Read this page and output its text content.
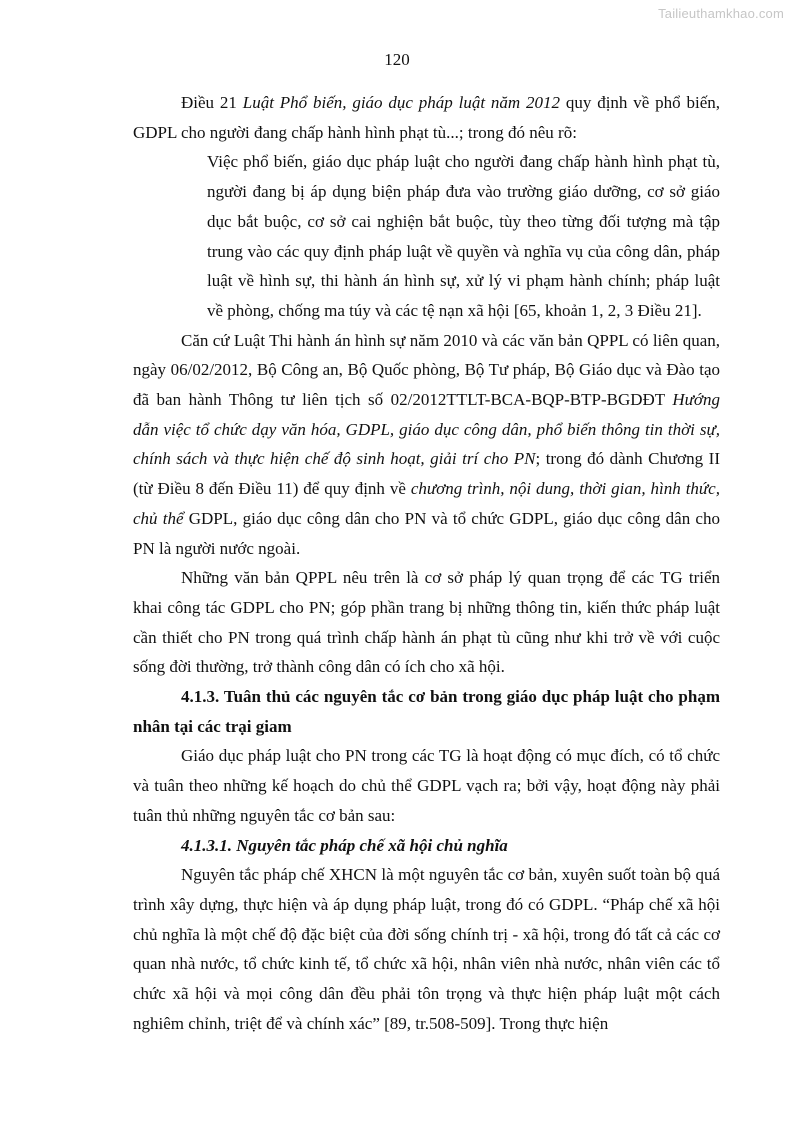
Tailieuthamkhao.com
120

Điều 21 Luật Phổ biến, giáo dục pháp luật năm 2012 quy định về phổ biến, GDPL cho người đang chấp hành hình phạt tù...; trong đó nêu rõ:

Việc phổ biến, giáo dục pháp luật cho người đang chấp hành hình phạt tù, người đang bị áp dụng biện pháp đưa vào trường giáo dưỡng, cơ sở giáo dục bắt buộc, cơ sở cai nghiện bắt buộc, tùy theo từng đối tượng mà tập trung vào các quy định pháp luật về quyền và nghĩa vụ của công dân, pháp luật về hình sự, thi hành án hình sự, xử lý vi phạm hành chính; pháp luật về phòng, chống ma túy và các tệ nạn xã hội [65, khoản 1, 2, 3 Điều 21].

Căn cứ Luật Thi hành án hình sự năm 2010 và các văn bản QPPL có liên quan, ngày 06/02/2012, Bộ Công an, Bộ Quốc phòng, Bộ Tư pháp, Bộ Giáo dục và Đào tạo đã ban hành Thông tư liên tịch số 02/2012TTLT-BCA-BQP-BTP-BGDĐT Hướng dẫn việc tổ chức dạy văn hóa, GDPL, giáo dục công dân, phổ biến thông tin thời sự, chính sách và thực hiện chế độ sinh hoạt, giải trí cho PN; trong đó dành Chương II (từ Điều 8 đến Điều 11) để quy định về chương trình, nội dung, thời gian, hình thức, chủ thể GDPL, giáo dục công dân cho PN và tổ chức GDPL, giáo dục công dân cho PN là người nước ngoài.

Những văn bản QPPL nêu trên là cơ sở pháp lý quan trọng để các TG triển khai công tác GDPL cho PN; góp phần trang bị những thông tin, kiến thức pháp luật cần thiết cho PN trong quá trình chấp hành án phạt tù cũng như khi trở về với cuộc sống đời thường, trở thành công dân có ích cho xã hội.

4.1.3. Tuân thủ các nguyên tắc cơ bản trong giáo dục pháp luật cho phạm nhân tại các trại giam

Giáo dục pháp luật cho PN trong các TG là hoạt động có mục đích, có tổ chức và tuân theo những kế hoạch do chủ thể GDPL vạch ra; bởi vậy, hoạt động này phải tuân thủ những nguyên tắc cơ bản sau:

4.1.3.1. Nguyên tắc pháp chế xã hội chủ nghĩa

Nguyên tắc pháp chế XHCN là một nguyên tắc cơ bản, xuyên suốt toàn bộ quá trình xây dựng, thực hiện và áp dụng pháp luật, trong đó có GDPL. “Pháp chế xã hội chủ nghĩa là một chế độ đặc biệt của đời sống chính trị - xã hội, trong đó tất cả các cơ quan nhà nước, tổ chức kinh tế, tổ chức xã hội, nhân viên nhà nước, nhân viên các tổ chức xã hội và mọi công dân đều phải tôn trọng và thực hiện pháp luật một cách nghiêm chỉnh, triệt để và chính xác” [89, tr.508-509]. Trong thực hiện
